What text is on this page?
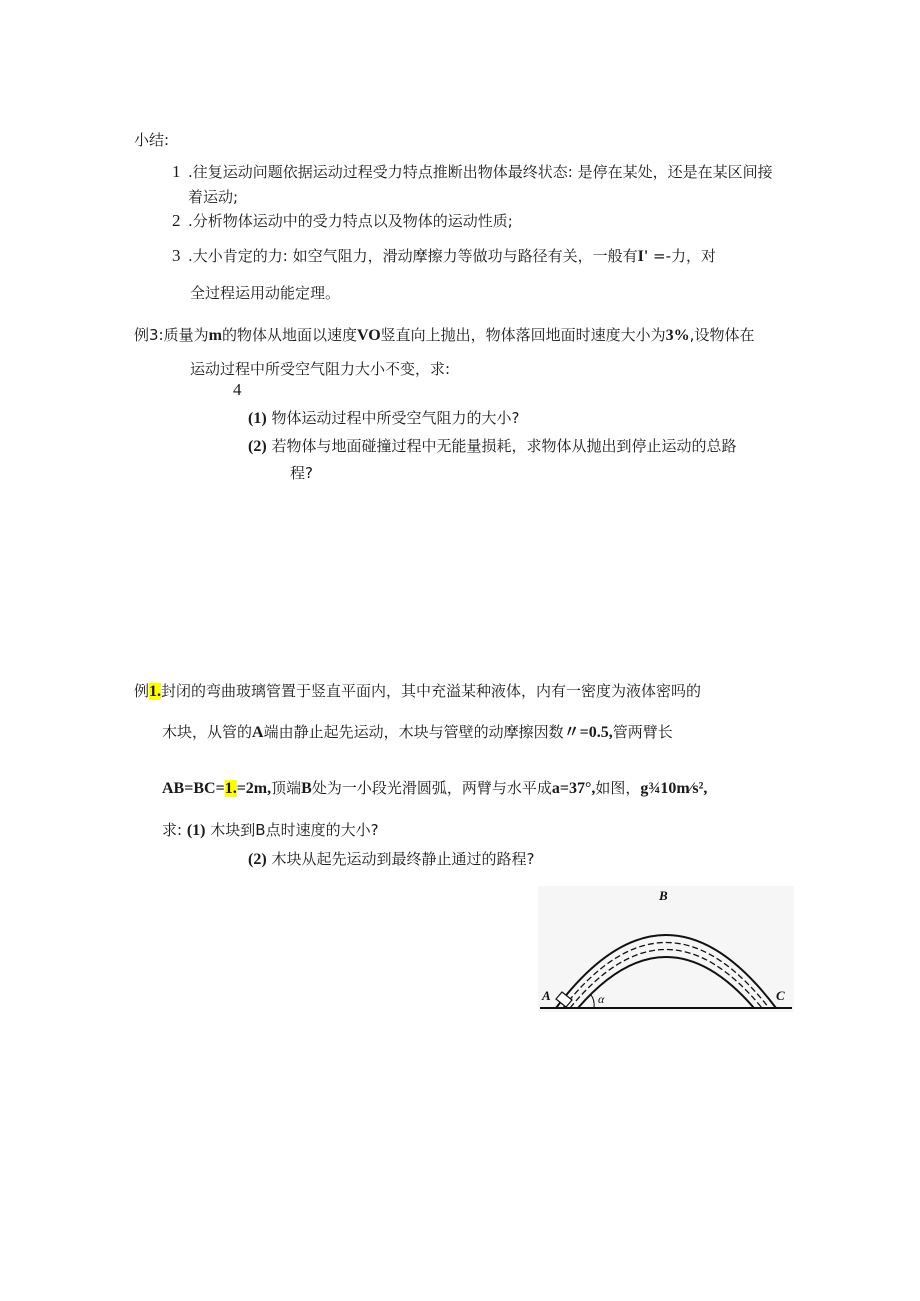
小结:
1 .往复运动问题依据运动过程受力特点推断出物体最终状态: 是停在某处，还是在某区间接
着运动;
2 .分析物体运动中的受力特点以及物体的运动性质;
3 .大小肯定的力: 如空气阻力，滑动摩擦力等做功与路径有关，一般有I' =-力，对
全过程运用动能定理。
例3:质量为m的物体从地面以速度VO竖直向上抛出，物体落回地面时速度大小为3%,设物体在
运动过程中所受空气阻力大小不变，求:
4
(1) 物体运动过程中所受空气阻力的大小?
(2) 若物体与地面碰撞过程中无能量损耗，求物体从抛出到停止运动的总路
程?
例1.封闭的弯曲玻璃管置于竖直平面内，其中充溢某种液体，内有一密度为液体密吗的
木块，从管的A端由静止起先运动，木块与管壁的动摩擦因数〃=0.5,管两臂长
AB=BC=1.=2m,顶端B处为一小段光滑圆弧，两臂与水平成a=37°,如图，g¾10m∕s²,
求: (1) 木块到B点时速度的大小?
(2) 木块从起先运动到最终静止通过的路程?
A
B
C
α
